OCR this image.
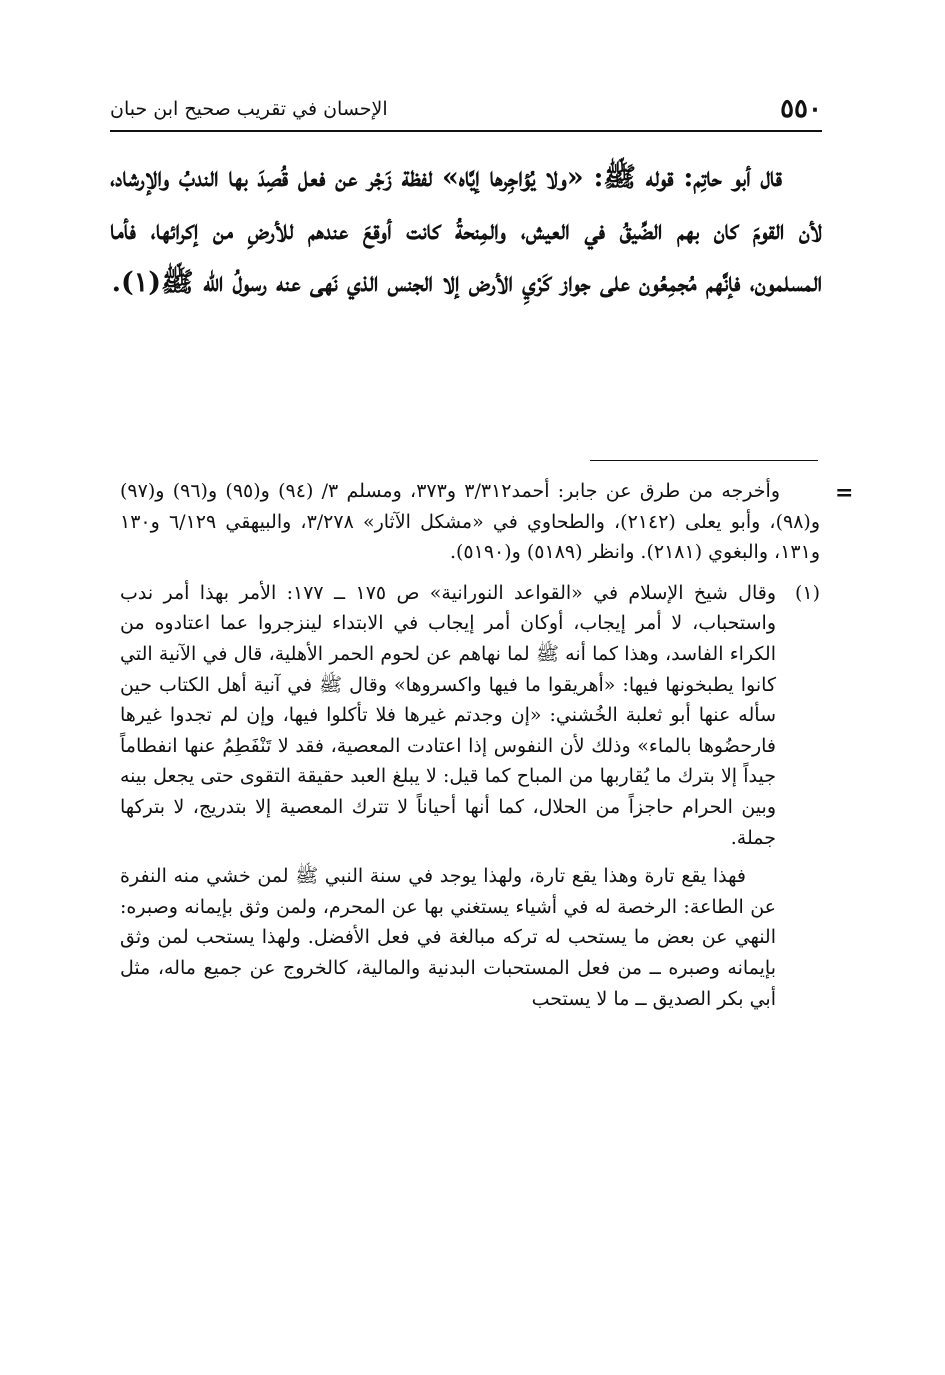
٥٥٠
الإحسان في تقريب صحيح ابن حبان

قال أبو حاتِم: قوله ﷺ: «ولا يُؤاجِرها إيَّاه» لفظة زَجْر عن فعل قُصِدَ بها الندبُ والإرشاد، لأن القومَ كان بهم الضِّيقُ في العيش، والمِنحةُ كانت أوقعَ عندهم للأرضِ من إكرائها، فأما المسلمون، فإنَّهم مُجمِعُون على جواز كَرْيِ الأرض إلا الجنس الذي نَهى عنه رسولُ الله ﷺ(١).

=

وأخرجه من طرق عن جابر: أحمد٣/٣١٢ و٣٧٣، ومسلم ٣/ (٩٤) و(٩٥) و(٩٦) و(٩٧) و(٩٨)، وأبو يعلى (٢١٤٢)، والطحاوي في «مشكل الآثار» ٣/٢٧٨، والبيهقي ٦/١٢٩ و١٣٠ و١٣١، والبغوي (٢١٨١). وانظر (٥١٨٩) و(٥١٩٠).

(١)

وقال شيخ الإسلام في «القواعد النورانية» ص ١٧٥ ــ ١٧٧: الأمر بهذا أمر ندب واستحباب، لا أمر إيجاب، أوكان أمر إيجاب في الابتداء لينزجروا عما اعتادوه من الكراء الفاسد، وهذا كما أنه ﷺ لما نهاهم عن لحوم الحمر الأهلية، قال في الآنية التي كانوا يطبخونها فيها: «أهريقوا ما فيها واكسروها» وقال ﷺ في آنية أهل الكتاب حين سأله عنها أبو ثعلبة الخُشني: «إن وجدتم غيرها فلا تأكلوا فيها، وإن لم تجدوا غيرها فارحضُوها بالماء» وذلك لأن النفوس إذا اعتادت المعصية، فقد لا تَنْفَطِمُ عنها انفطاماً جيداً إلا بترك ما يُقاربها من المباح كما قيل: لا يبلغ العبد حقيقة التقوى حتى يجعل بينه وبين الحرام حاجزاً من الحلال، كما أنها أحياناً لا تترك المعصية إلا بتدريج، لا بتركها جملة.

فهذا يقع تارة وهذا يقع تارة، ولهذا يوجد في سنة النبي ﷺ لمن خشي منه النفرة عن الطاعة: الرخصة له في أشياء يستغني بها عن المحرم، ولمن وثق بإيمانه وصبره: النهي عن بعض ما يستحب له تركه مبالغة في فعل الأفضل. ولهذا يستحب لمن وثق بإيمانه وصبره ــ من فعل المستحبات البدنية والمالية، كالخروج عن جميع ماله، مثل أبي بكر الصديق ــ ما لا يستحب
